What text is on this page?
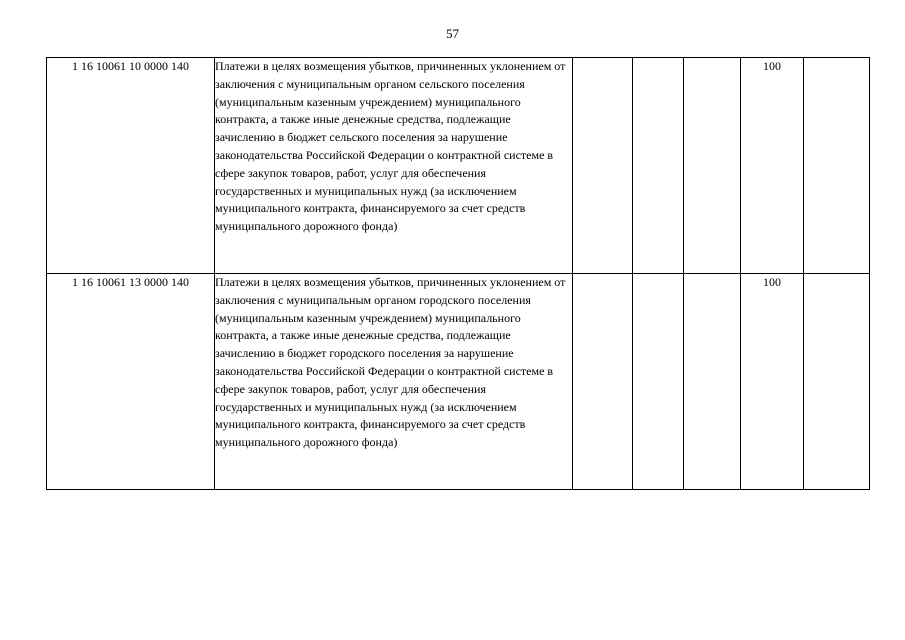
57
1 16 10061 10 0000 140	Платежи в целях возмещения убытков, причиненных уклонением от заключения с муниципальным органом сельского поселения (муниципальным казенным учреждением) муниципального контракта, а также иные денежные средства, подлежащие зачислению в бюджет сельского поселения за нарушение законодательства Российской Федерации о контрактной системе в сфере закупок товаров, работ, услуг для обеспечения государственных и муниципальных нужд (за исключением муниципального контракта, финансируемого за счет средств муниципального дорожного фонда)				100	
1 16 10061 13 0000 140	Платежи в целях возмещения убытков, причиненных уклонением от заключения с муниципальным органом городского поселения (муниципальным казенным учреждением) муниципального контракта, а также иные денежные средства, подлежащие зачислению в бюджет городского поселения за нарушение законодательства Российской Федерации о контрактной системе в сфере закупок товаров, работ, услуг для обеспечения государственных и муниципальных нужд (за исключением муниципального контракта, финансируемого за счет средств муниципального дорожного фонда)				100	
